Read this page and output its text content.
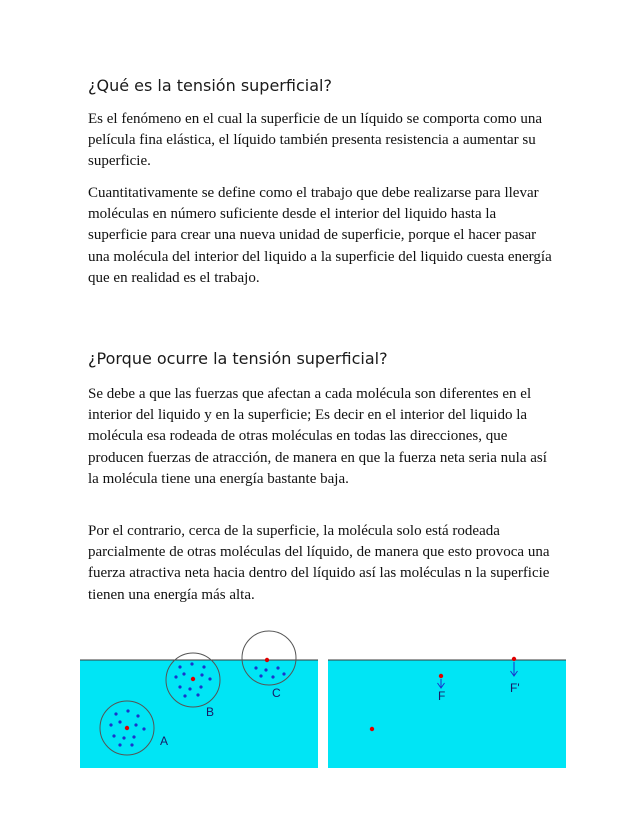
¿Qué es la tensión superficial?

Es el fenómeno en el cual la superficie de un líquido se comporta como una película fina elástica, el líquido también presenta resistencia a aumentar su superficie.

Cuantitativamente se define como el trabajo que debe realizarse para llevar moléculas en número suficiente desde el interior del liquido hasta la superficie para crear una nueva unidad de superficie, porque el hacer pasar una molécula del interior del liquido a la superficie del liquido cuesta energía que en realidad es el trabajo.

¿Porque ocurre la tensión superficial?

Se debe a que las fuerzas que afectan a cada molécula son diferentes en el interior del liquido y en la superficie; Es decir en el interior del liquido la molécula esa rodeada de otras moléculas en todas las direcciones, que producen fuerzas de atracción, de manera en que la fuerza neta seria nula así la molécula tiene una energía bastante baja.

Por el contrario, cerca de la superficie, la molécula solo está rodeada parcialmente de otras moléculas del líquido, de manera que esto provoca una fuerza atractiva neta hacia dentro del líquido así las moléculas n la superficie tienen una energía más alta.

A
B
C	F'
F
